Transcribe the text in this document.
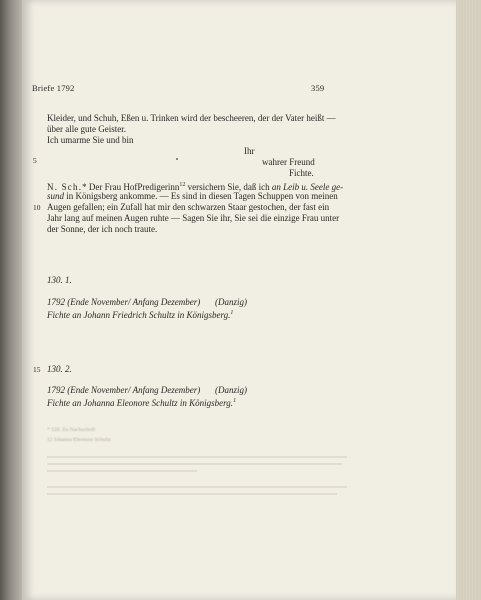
Briefe 1792	359
Kleider, und Schuh, Eßen u. Trinken wird der bescheeren, der der Vater heißt —
über alle gute Geister.
Ich umarme Sie und bin
Ihr
5	wahrer Freund
Fichte.
N. Sch.* Der Frau HofPredigerinn$^{12}$ versichern Sie, daß ich an Leib u. Seele ge-
sund in Königsberg ankomme. — Es sind in diesen Tagen Schuppen von meinen
Augen gefallen; ein Zufall hat mir den schwarzen Staar gestochen, der fast ein
10
Jahr lang auf meinen Augen ruhte — Sagen Sie ihr, Sie sei die einzige Frau unter
der Sonne, der ich noch traute.
130. 1.
1792 (Ende November/ Anfang Dezember) (Danzig)
Fichte an Johann Friedrich Schultz in Königsberg.$^1$
15 130. 2.
1792 (Ende November/ Anfang Dezember) (Danzig)
Fichte an Johanna Eleonore Schultz in Königsberg.$^1$
* 120. Zu Nachschrift
12 Johanna Eleonore Schultz
